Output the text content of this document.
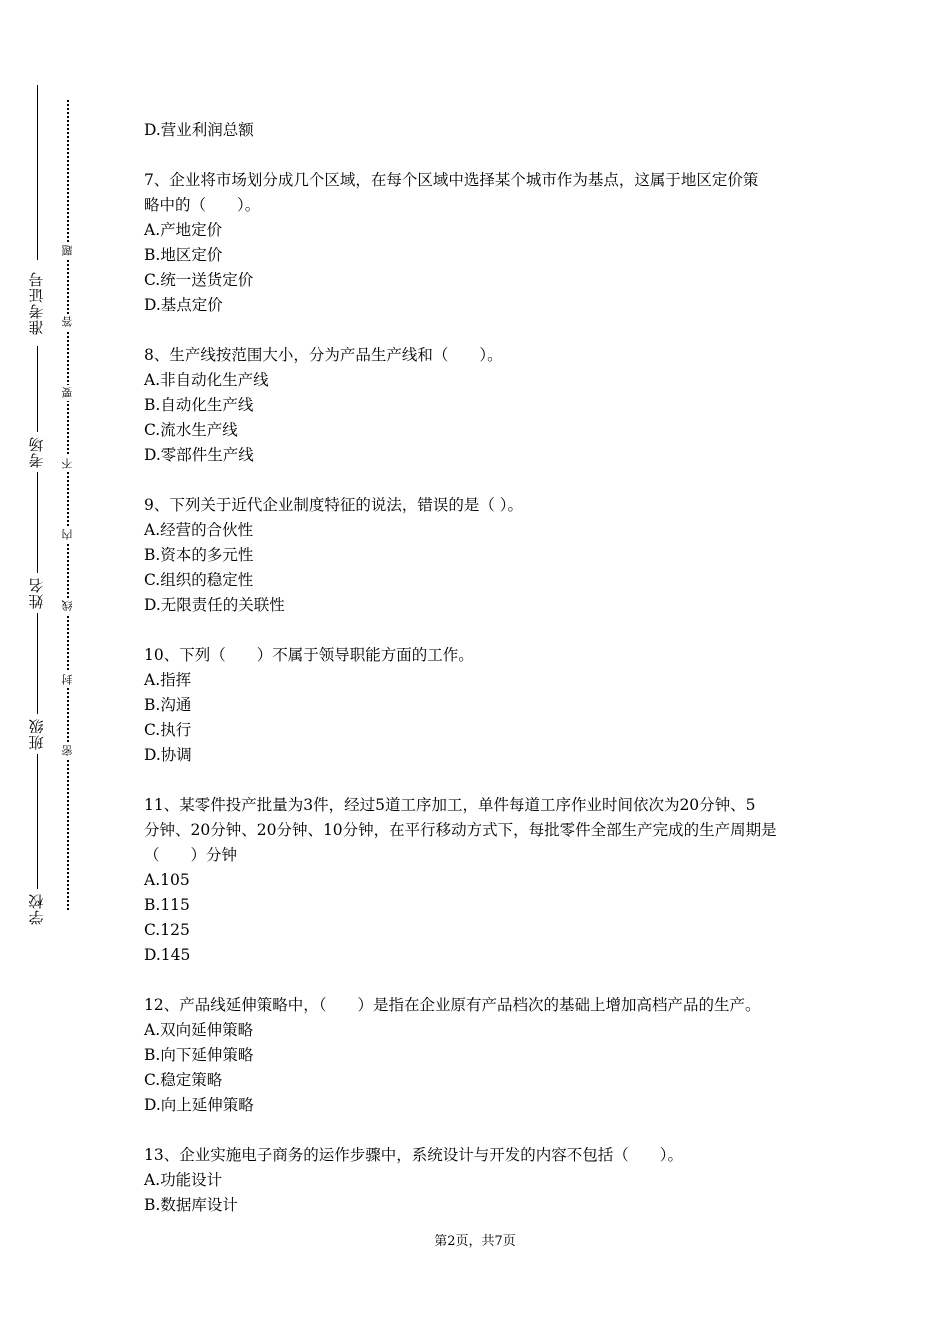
准考证号
考场
姓名
班级
学校
题
答
要
不
内
线
封
密
D.营业利润总额
7、企业将市场划分成几个区域，在每个区域中选择某个城市作为基点，这属于地区定价策
略中的（　　）。
A.产地定价
B.地区定价
C.统一送货定价
D.基点定价
8、生产线按范围大小，分为产品生产线和（　　）。
A.非自动化生产线
B.自动化生产线
C.流水生产线
D.零部件生产线
9、下列关于近代企业制度特征的说法，错误的是（ ）。
A.经营的合伙性
B.资本的多元性
C.组织的稳定性
D.无限责任的关联性
10、下列（　　）不属于领导职能方面的工作。
A.指挥
B.沟通
C.执行
D.协调
11、某零件投产批量为3件，经过5道工序加工，单件每道工序作业时间依次为20分钟、5
分钟、20分钟、20分钟、10分钟，在平行移动方式下，每批零件全部生产完成的生产周期是
（　　）分钟
A.105
B.115
C.125
D.145
12、产品线延伸策略中，（　　）是指在企业原有产品档次的基础上增加高档产品的生产。
A.双向延伸策略
B.向下延伸策略
C.稳定策略
D.向上延伸策略
13、企业实施电子商务的运作步骤中，系统设计与开发的内容不包括（　　）。
A.功能设计
B.数据库设计
第2页，共7页
